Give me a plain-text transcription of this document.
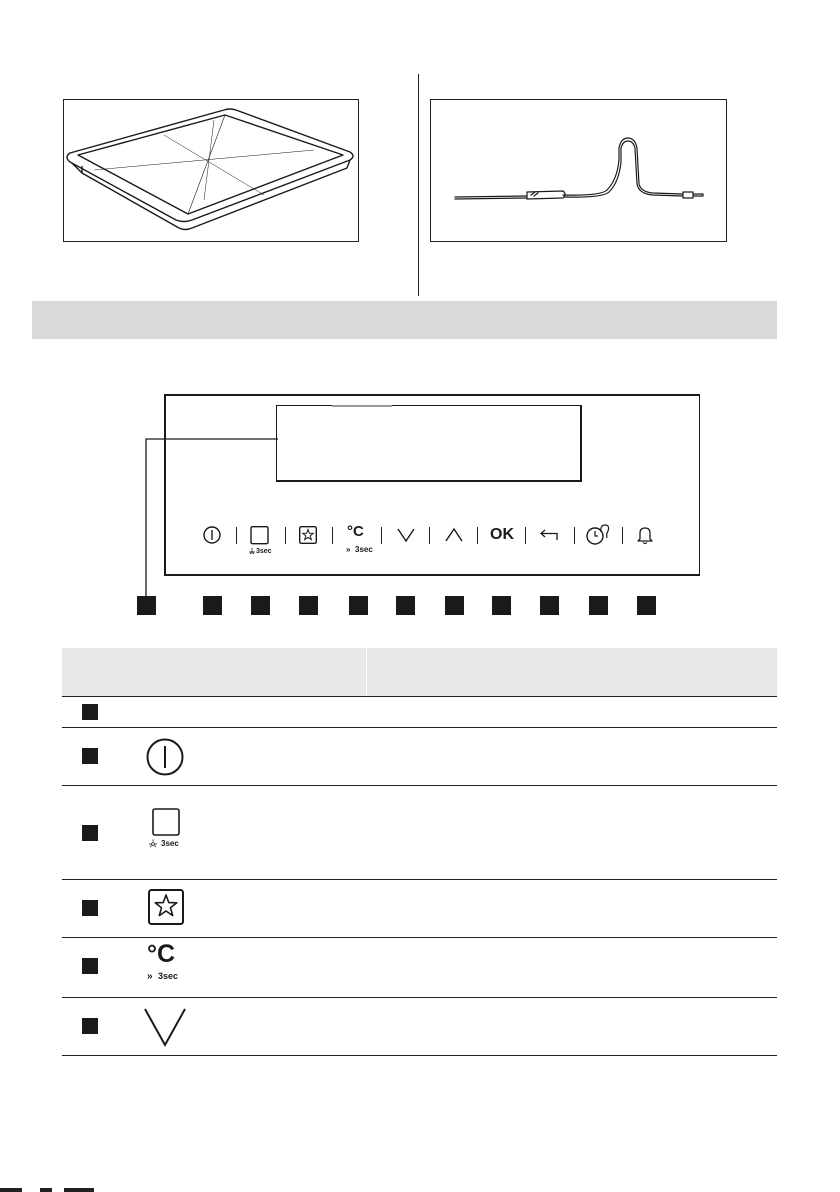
3sec
°C
» 3sec
OK
3sec
°C
» 3sec
